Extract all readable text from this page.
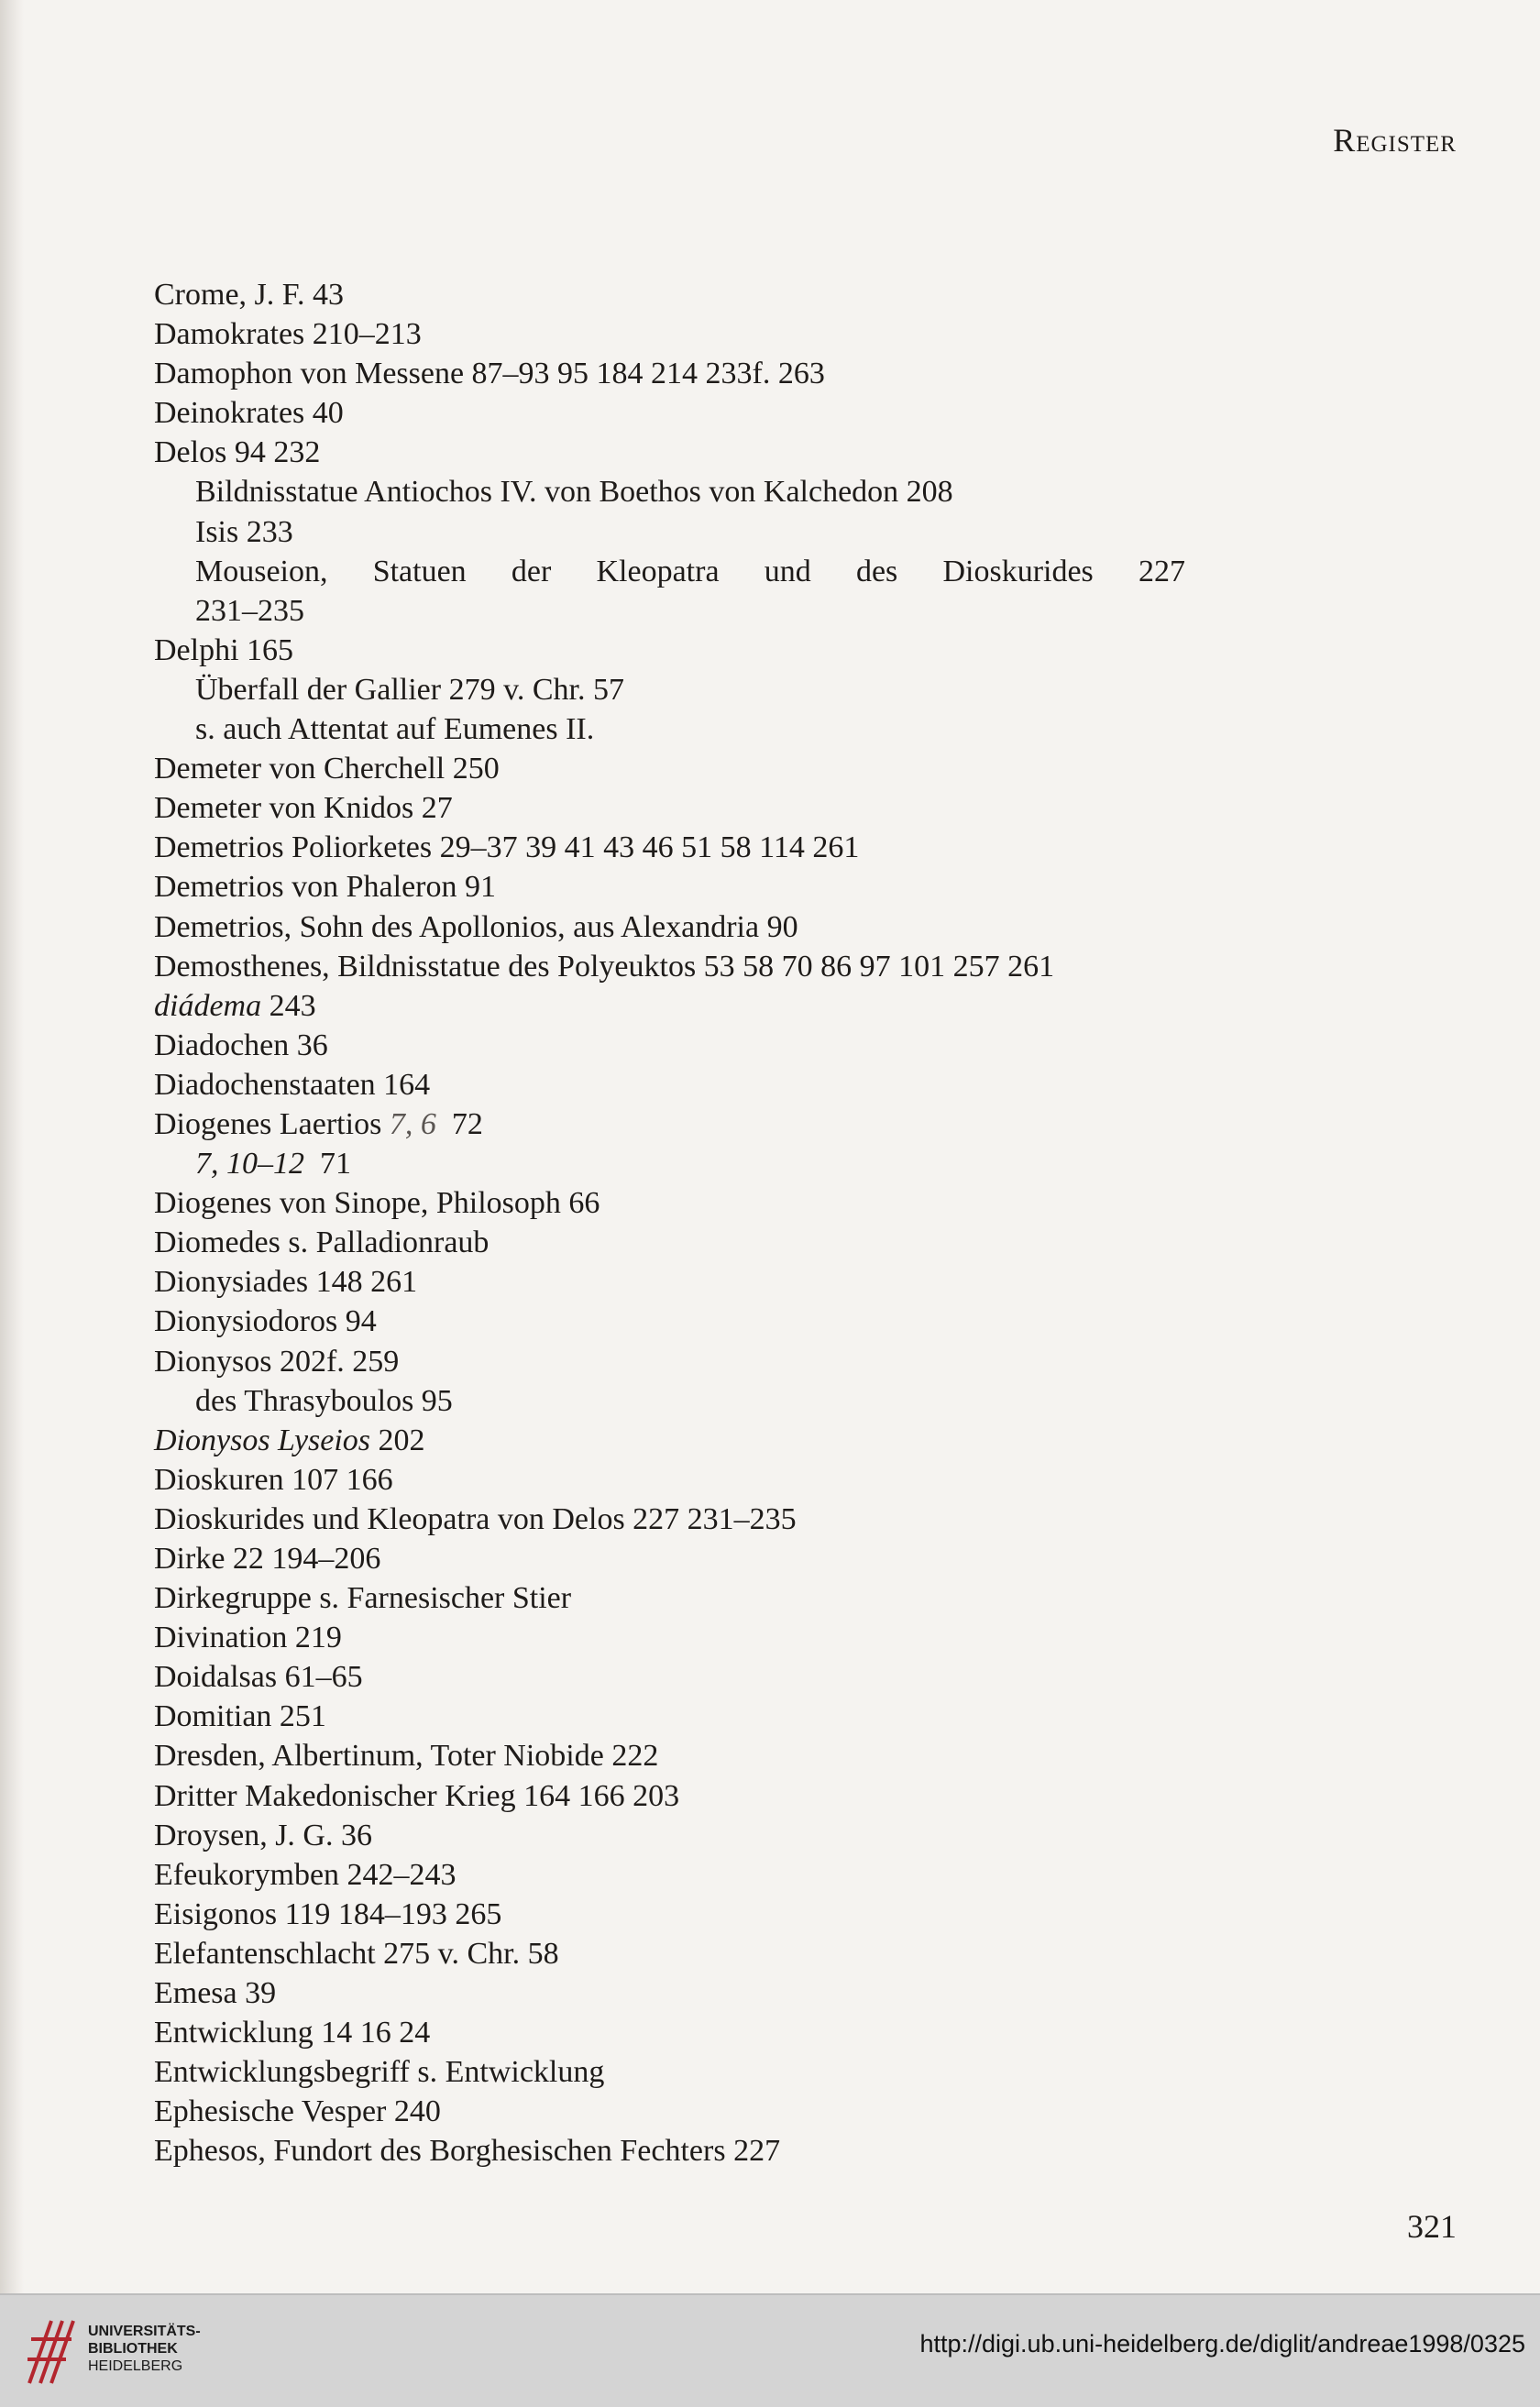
Register
Crome, J. F. 43
Damokrates 210–213
Damophon von Messene 87–93 95 184 214 233f. 263
Deinokrates 40
Delos 94 232
Bildnisstatue Antiochos IV. von Boethos von Kalchedon 208
Isis 233
Mouseion, Statuen der Kleopatra und des Dioskurides 227
231–235
Delphi 165
Überfall der Gallier 279 v. Chr. 57
s. auch Attentat auf Eumenes II.
Demeter von Cherchell 250
Demeter von Knidos 27
Demetrios Poliorketes 29–37 39 41 43 46 51 58 114 261
Demetrios von Phaleron 91
Demetrios, Sohn des Apollonios, aus Alexandria 90
Demosthenes, Bildnisstatue des Polyeuktos 53 58 70 86 97 101 257 261
diádema 243
Diadochen 36
Diadochenstaaten 164
Diogenes Laertios 7, 6  72
7, 10–12  71
Diogenes von Sinope, Philosoph 66
Diomedes s. Palladionraub
Dionysiades 148 261
Dionysiodoros 94
Dionysos 202f. 259
des Thrasyboulos 95
Dionysos Lyseios 202
Dioskuren 107 166
Dioskurides und Kleopatra von Delos 227 231–235
Dirke 22 194–206
Dirkegruppe s. Farnesischer Stier
Divination 219
Doidalsas 61–65
Domitian 251
Dresden, Albertinum, Toter Niobide 222
Dritter Makedonischer Krieg 164 166 203
Droysen, J. G. 36
Efeukorymben 242–243
Eisigonos 119 184–193 265
Elefantenschlacht 275 v. Chr. 58
Emesa 39
Entwicklung 14 16 24
Entwicklungsbegriff s. Entwicklung
Ephesische Vesper 240
Ephesos, Fundort des Borghesischen Fechters 227
321
UNIVERSITÄTS-
BIBLIOTHEK
HEIDELBERG
http://digi.ub.uni-heidelberg.de/diglit/andreae1998/0325
